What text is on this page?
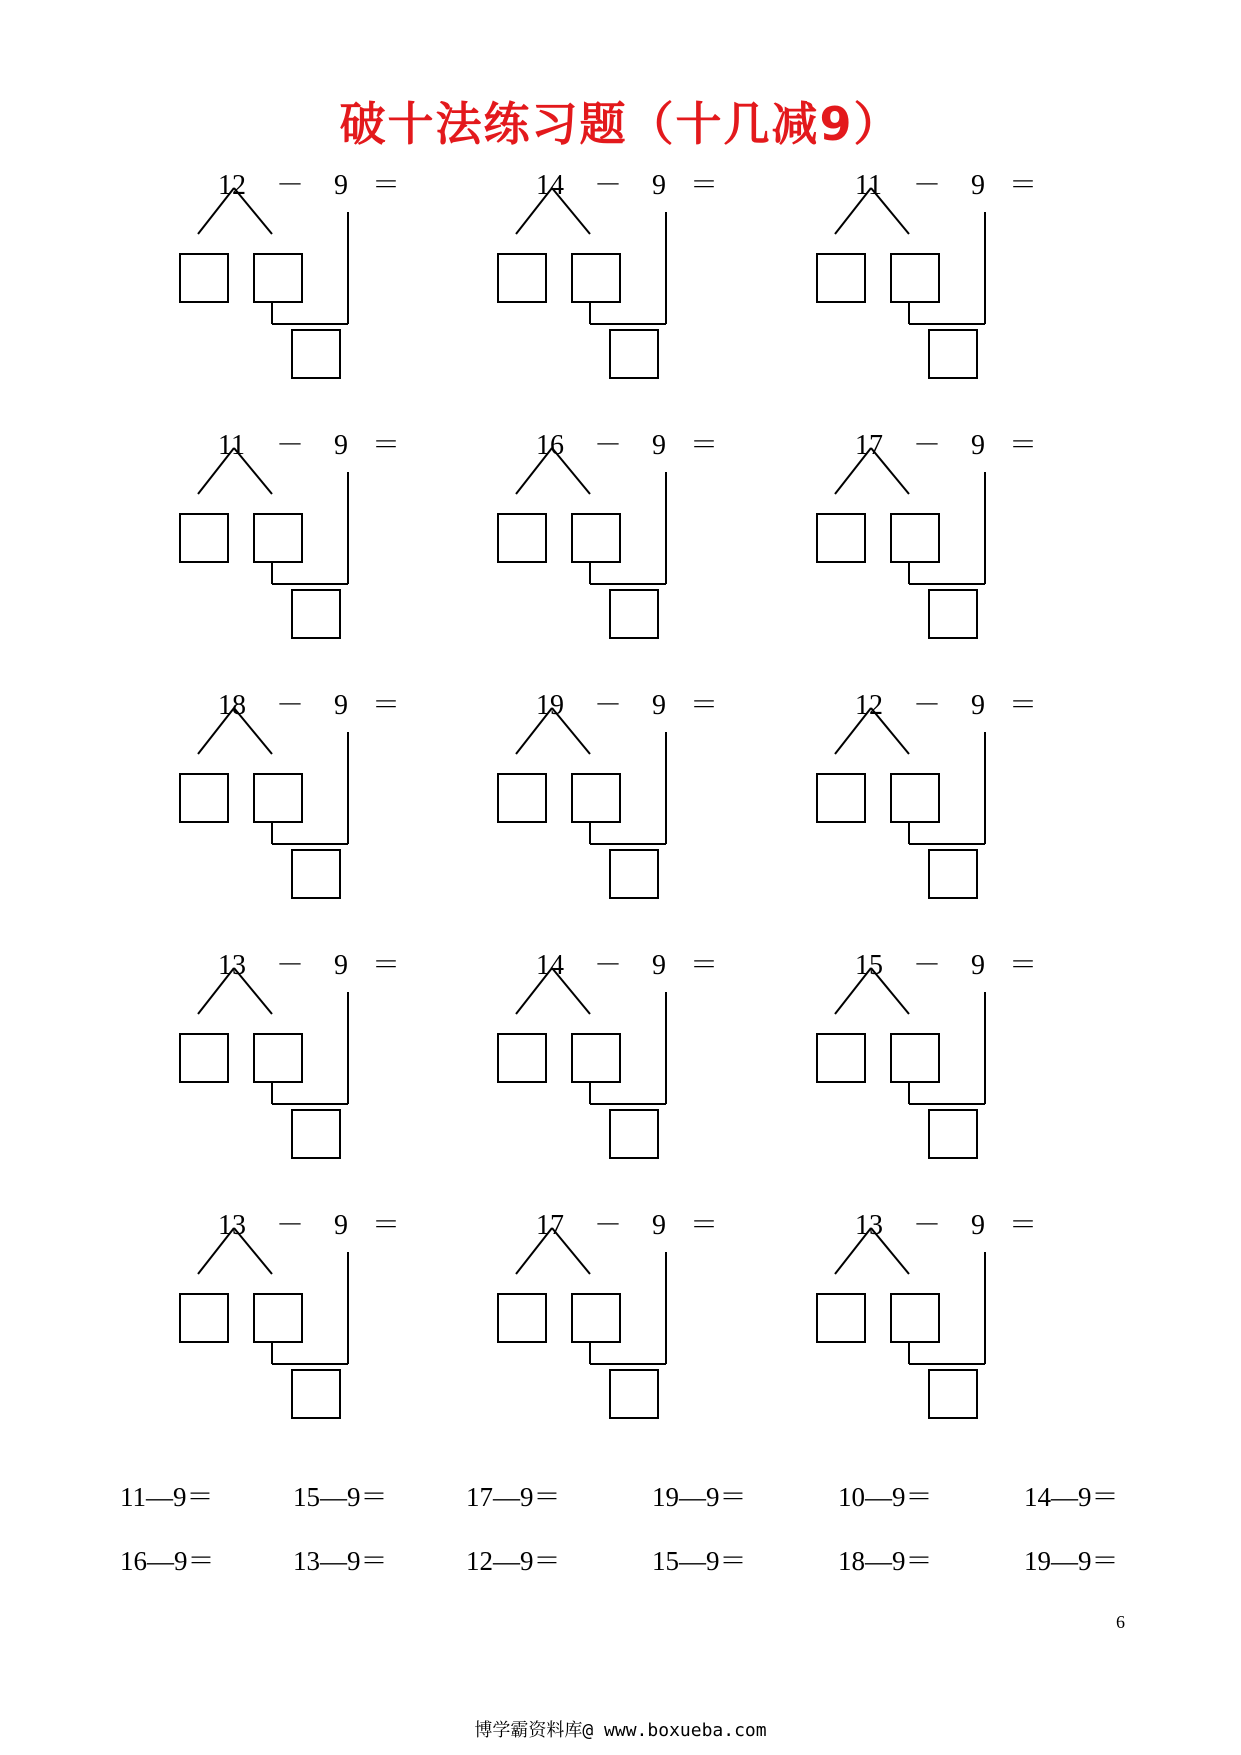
破十法练习题（十几减9）
12 － 9 ＝	14 － 9 ＝	11 － 9 ＝
11 － 9 ＝	16 － 9 ＝	17 － 9 ＝
18 － 9 ＝	19 － 9 ＝	12 － 9 ＝
13 － 9 ＝	14 － 9 ＝	15 － 9 ＝
13 － 9 ＝	17 － 9 ＝	13 － 9 ＝
11—9＝	15—9＝	17—9＝	19—9＝	10—9＝	14—9＝
16—9＝	13—9＝	12—9＝	15—9＝	18—9＝	19—9＝
6
博学霸资料库@ www.boxueba.com
